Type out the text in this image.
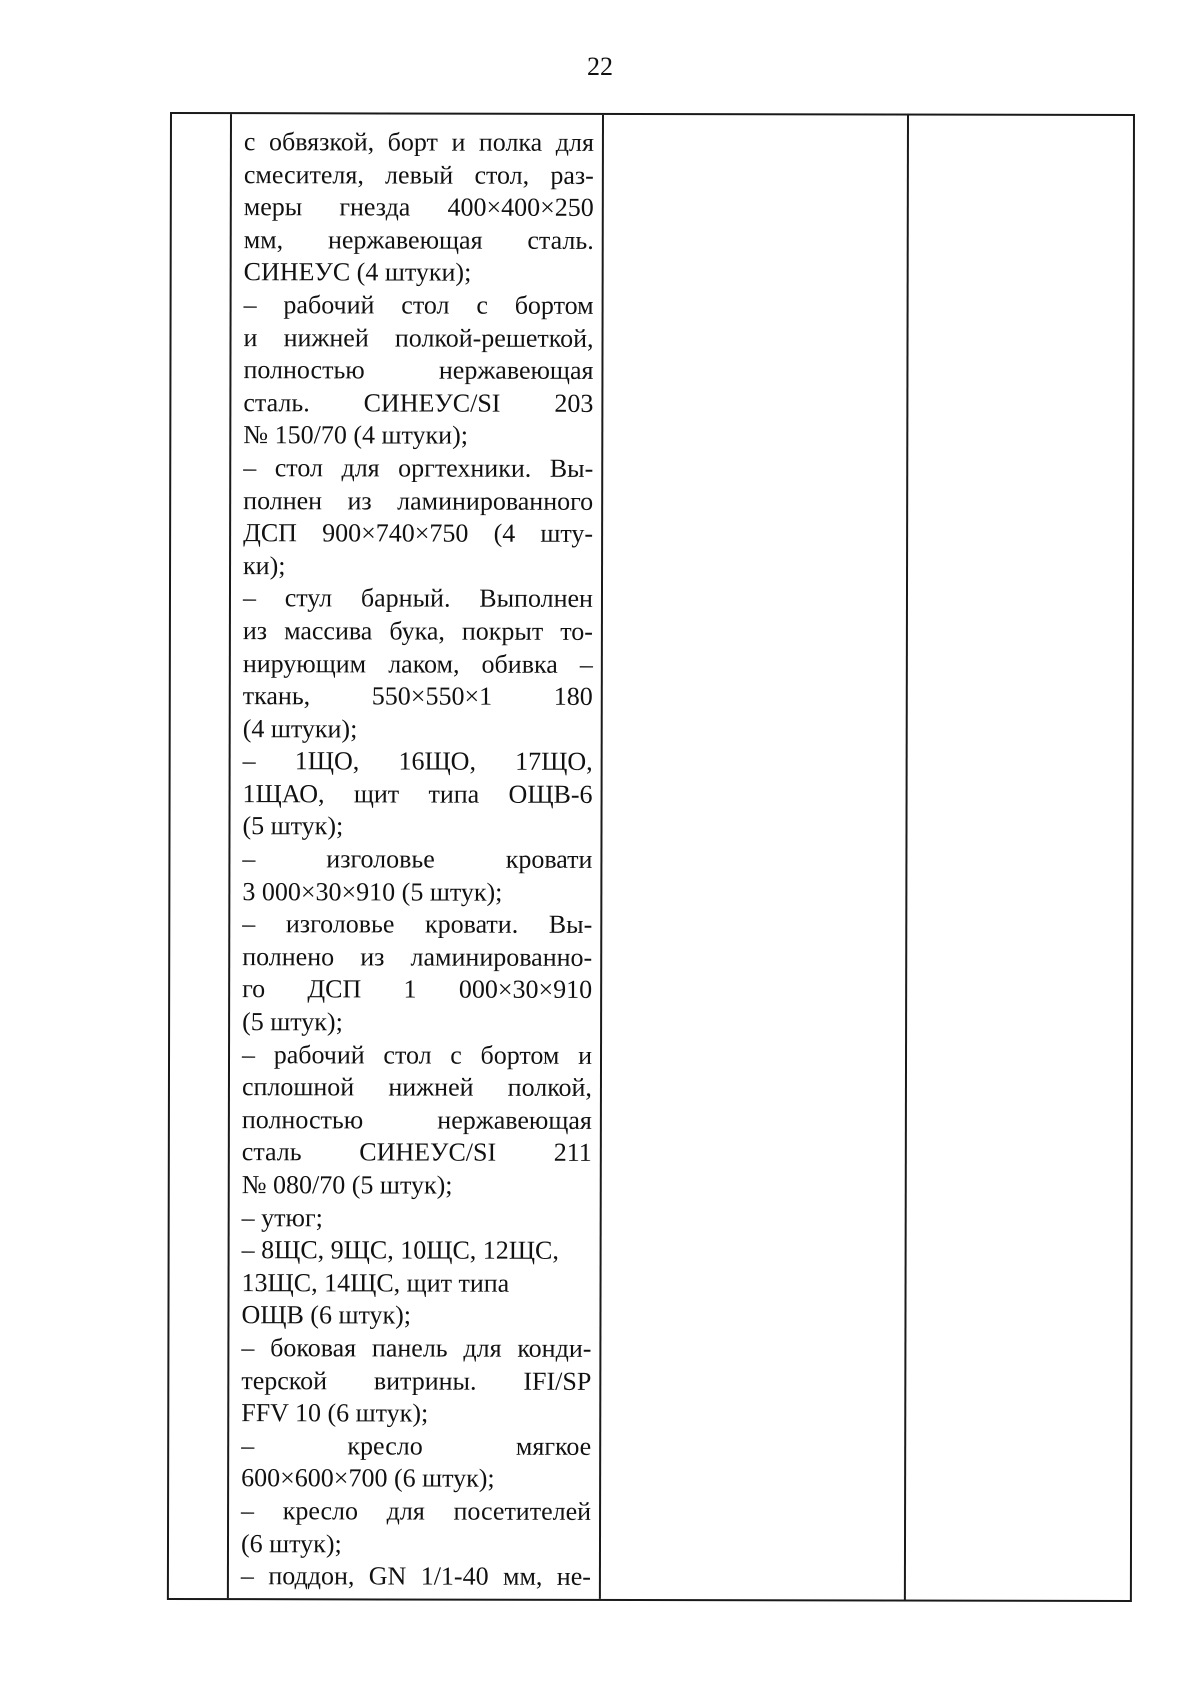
22
с обвязкой, борт и полка для
смесителя, левый стол, раз-
меры гнезда 400×400×250
мм, нержавеющая сталь.
СИНЕУС (4 штуки);
– рабочий стол с бортом
и нижней полкой-решеткой,
полностью нержавеющая
сталь. СИНЕУС/SI 203
№ 150/70 (4 штуки);
– стол для оргтехники. Вы-
полнен из ламинированного
ДСП 900×740×750 (4 шту-
ки);
– стул барный. Выполнен
из массива бука, покрыт то-
нирующим лаком, обивка –
ткань, 550×550×1 180
(4 штуки);
– 1ЩО, 16ЩО, 17ЩО,
1ЩАО, щит типа ОЩВ-6
(5 штук);
– изголовье кровати
3 000×30×910 (5 штук);
– изголовье кровати. Вы-
полнено из ламинированно-
го ДСП 1 000×30×910
(5 штук);
– рабочий стол с бортом и
сплошной нижней полкой,
полностью нержавеющая
сталь СИНЕУС/SI 211
№ 080/70 (5 штук);
– утюг;
– 8ЩС, 9ЩС, 10ЩС, 12ЩС,
13ЩС, 14ЩС, щит типа
ОЩВ (6 штук);
– боковая панель для конди-
терской витрины. IFI/SP
FFV 10 (6 штук);
– кресло мягкое
600×600×700 (6 штук);
– кресло для посетителей
(6 штук);
– поддон, GN 1/1-40 мм, не-
